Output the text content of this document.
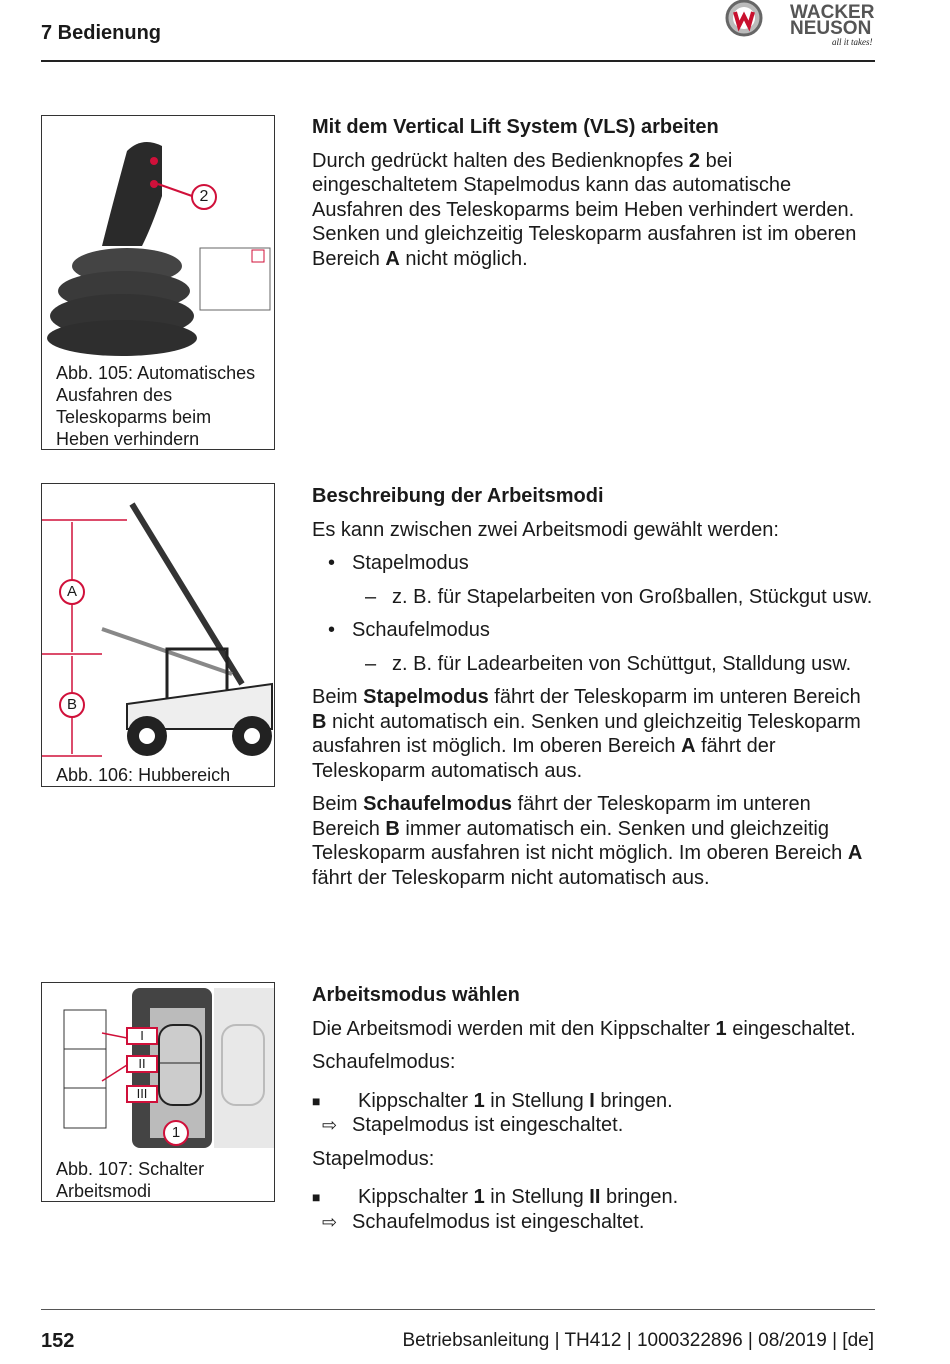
7 Bedienung
WACKER
NEUSON
all it takes!
2
Abb. 105: Automatisches Ausfahren des Teleskoparms beim Heben verhindern
A
B
Abb. 106: Hubbereich
I
II
III
1
Abb. 107: Schalter Arbeitsmodi
Mit dem Vertical Lift System (VLS) arbeiten

Durch gedrückt halten des Bedienknopfes 2 bei eingeschaltetem Stapelmodus kann das automatische Ausfahren des Teleskoparms beim Heben verhindert werden. Senken und gleichzeitig Teleskoparm ausfahren ist im oberen Bereich A nicht möglich.

Beschreibung der Arbeitsmodi

Es kann zwischen zwei Arbeitsmodi gewählt werden:

• Stapelmodus
– z. B. für Stapelarbeiten von Großballen, Stückgut usw.
• Schaufelmodus
– z. B. für Ladearbeiten von Schüttgut, Stalldung usw.

Beim Stapelmodus fährt der Teleskoparm im unteren Bereich B nicht automatisch ein. Senken und gleichzeitig Teleskoparm ausfahren ist möglich. Im oberen Bereich A fährt der Teleskoparm automatisch aus.

Beim Schaufelmodus fährt der Teleskoparm im unteren Bereich B immer automatisch ein. Senken und gleichzeitig Teleskoparm ausfahren ist nicht möglich. Im oberen Bereich A fährt der Teleskoparm nicht automatisch aus.

Arbeitsmodus wählen

Die Arbeitsmodi werden mit den Kippschalter 1 eingeschaltet.

Schaufelmodus:

■ Kippschalter 1 in Stellung I bringen.
⇨ Stapelmodus ist eingeschaltet.

Stapelmodus:

■ Kippschalter 1 in Stellung II bringen.
⇨ Schaufelmodus ist eingeschaltet.
152	Betriebsanleitung | TH412 | 1000322896 | 08/2019 | [de]
